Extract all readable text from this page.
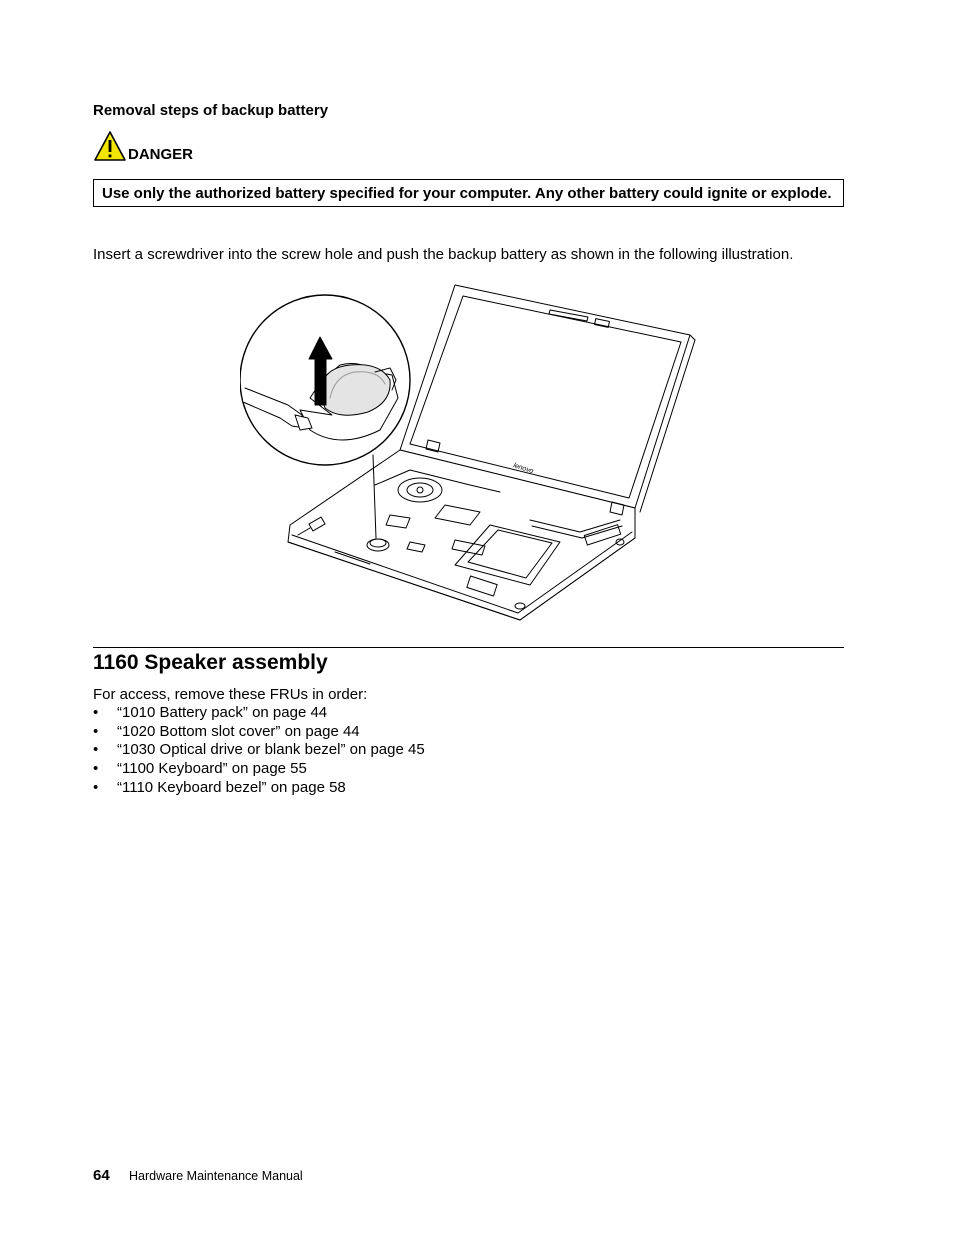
Removal steps of backup battery
DANGER
Use only the authorized battery specified for your computer. Any other battery could ignite or explode.
Insert a screwdriver into the screw hole and push the backup battery as shown in the following illustration.
lenovo
1160 Speaker assembly
For access, remove these FRUs in order:
• “1010 Battery pack” on page 44
• “1020 Bottom slot cover” on page 44
• “1030 Optical drive or blank bezel” on page 45
• “1100 Keyboard” on page 55
• “1110 Keyboard bezel” on page 58
64 Hardware Maintenance Manual
